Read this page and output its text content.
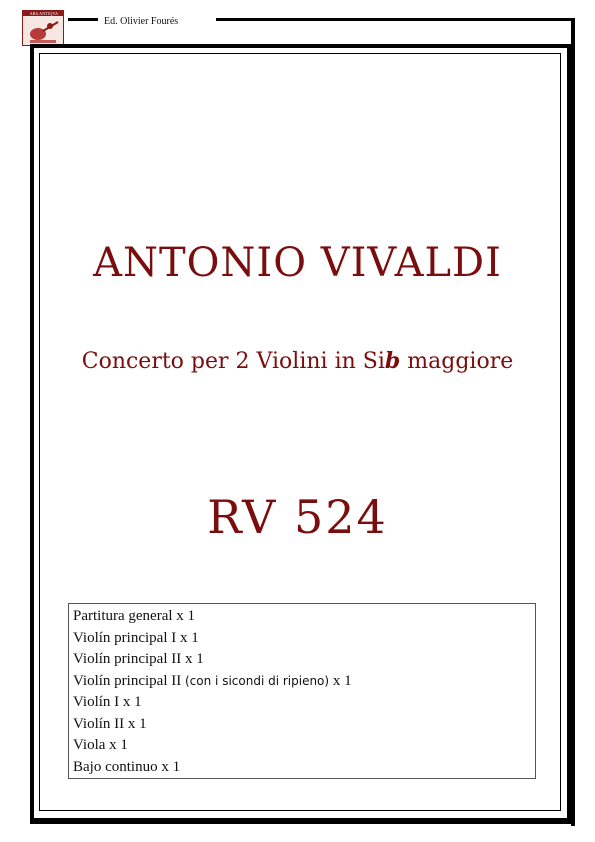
ARS ANTIQVA
Ed. Olivier Fourés
ANTONIO VIVALDI
Concerto per 2 Violini in Sib maggiore
RV 524
Partitura general x 1
Violín principal I x 1
Violín principal II x 1
Violín principal II (con i sicondi di ripieno) x 1
Violín I x 1
Violín II x 1
Viola x 1
Bajo continuo x 1
